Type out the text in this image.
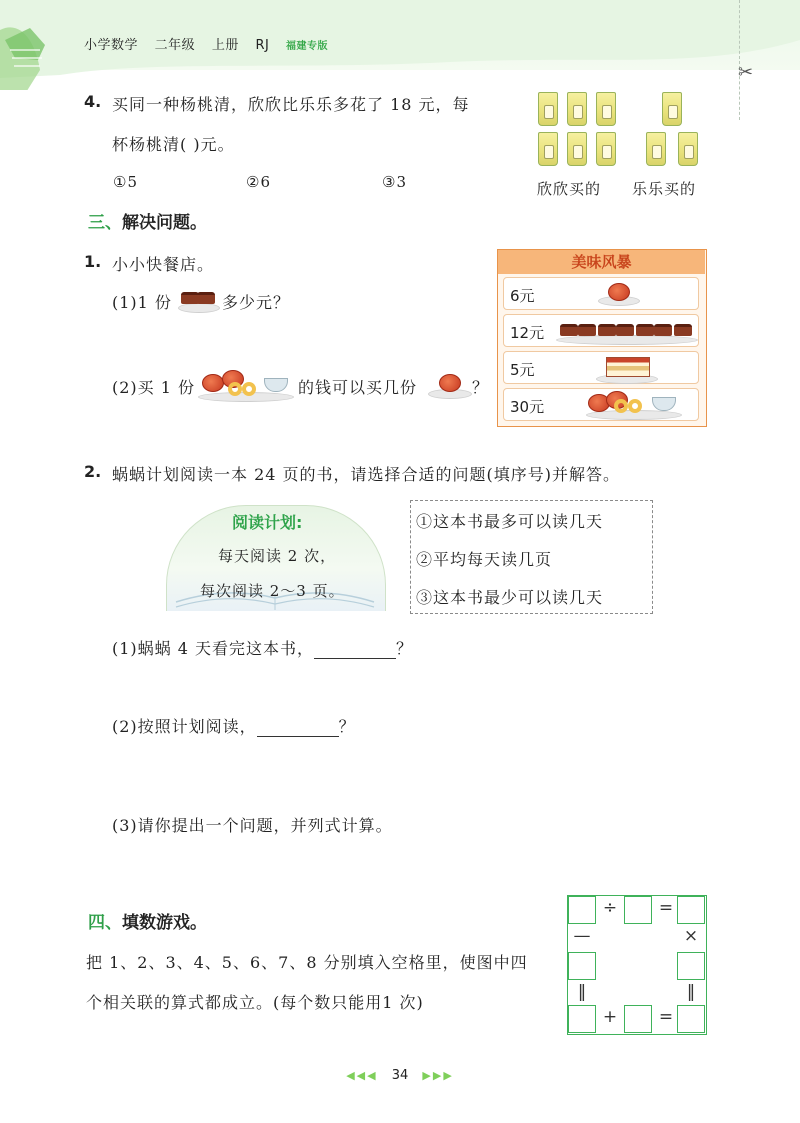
小学数学 二年级 上册 RJ 福建专版
✂
4. 买同一种杨桃清，欣欣比乐乐多花了 18 元，每
杯杨桃清( )元。
①5	②6	③3	欣欣买的 乐乐买的
三、解决问题。
1. 小小快餐店。
(1)1 份	多少元？
(2)买 1 份	的钱可以买几份	？
美味风暴
6元
12元
5元
30元
2. 蜗蜗计划阅读一本 24 页的书，请选择合适的问题(填序号)并解答。
阅读计划:
每天阅读 2 次，
每次阅读 2～3 页。
①这本书最多可以读几天
②平均每天读几页
③这本书最少可以读几天
(1)蜗蜗 4 天看完这本书，	？
(2)按照计划阅读，	？
(3)请你提出一个问题，并列式计算。
四、填数游戏。
把 1、2、3、4、5、6、7、8 分别填入空格里，使图中四
个相关联的算式都成立。(每个数只能用1 次)
÷	=
—	×
‖	‖
+	=
◀◀◀ 34 ▶▶▶
